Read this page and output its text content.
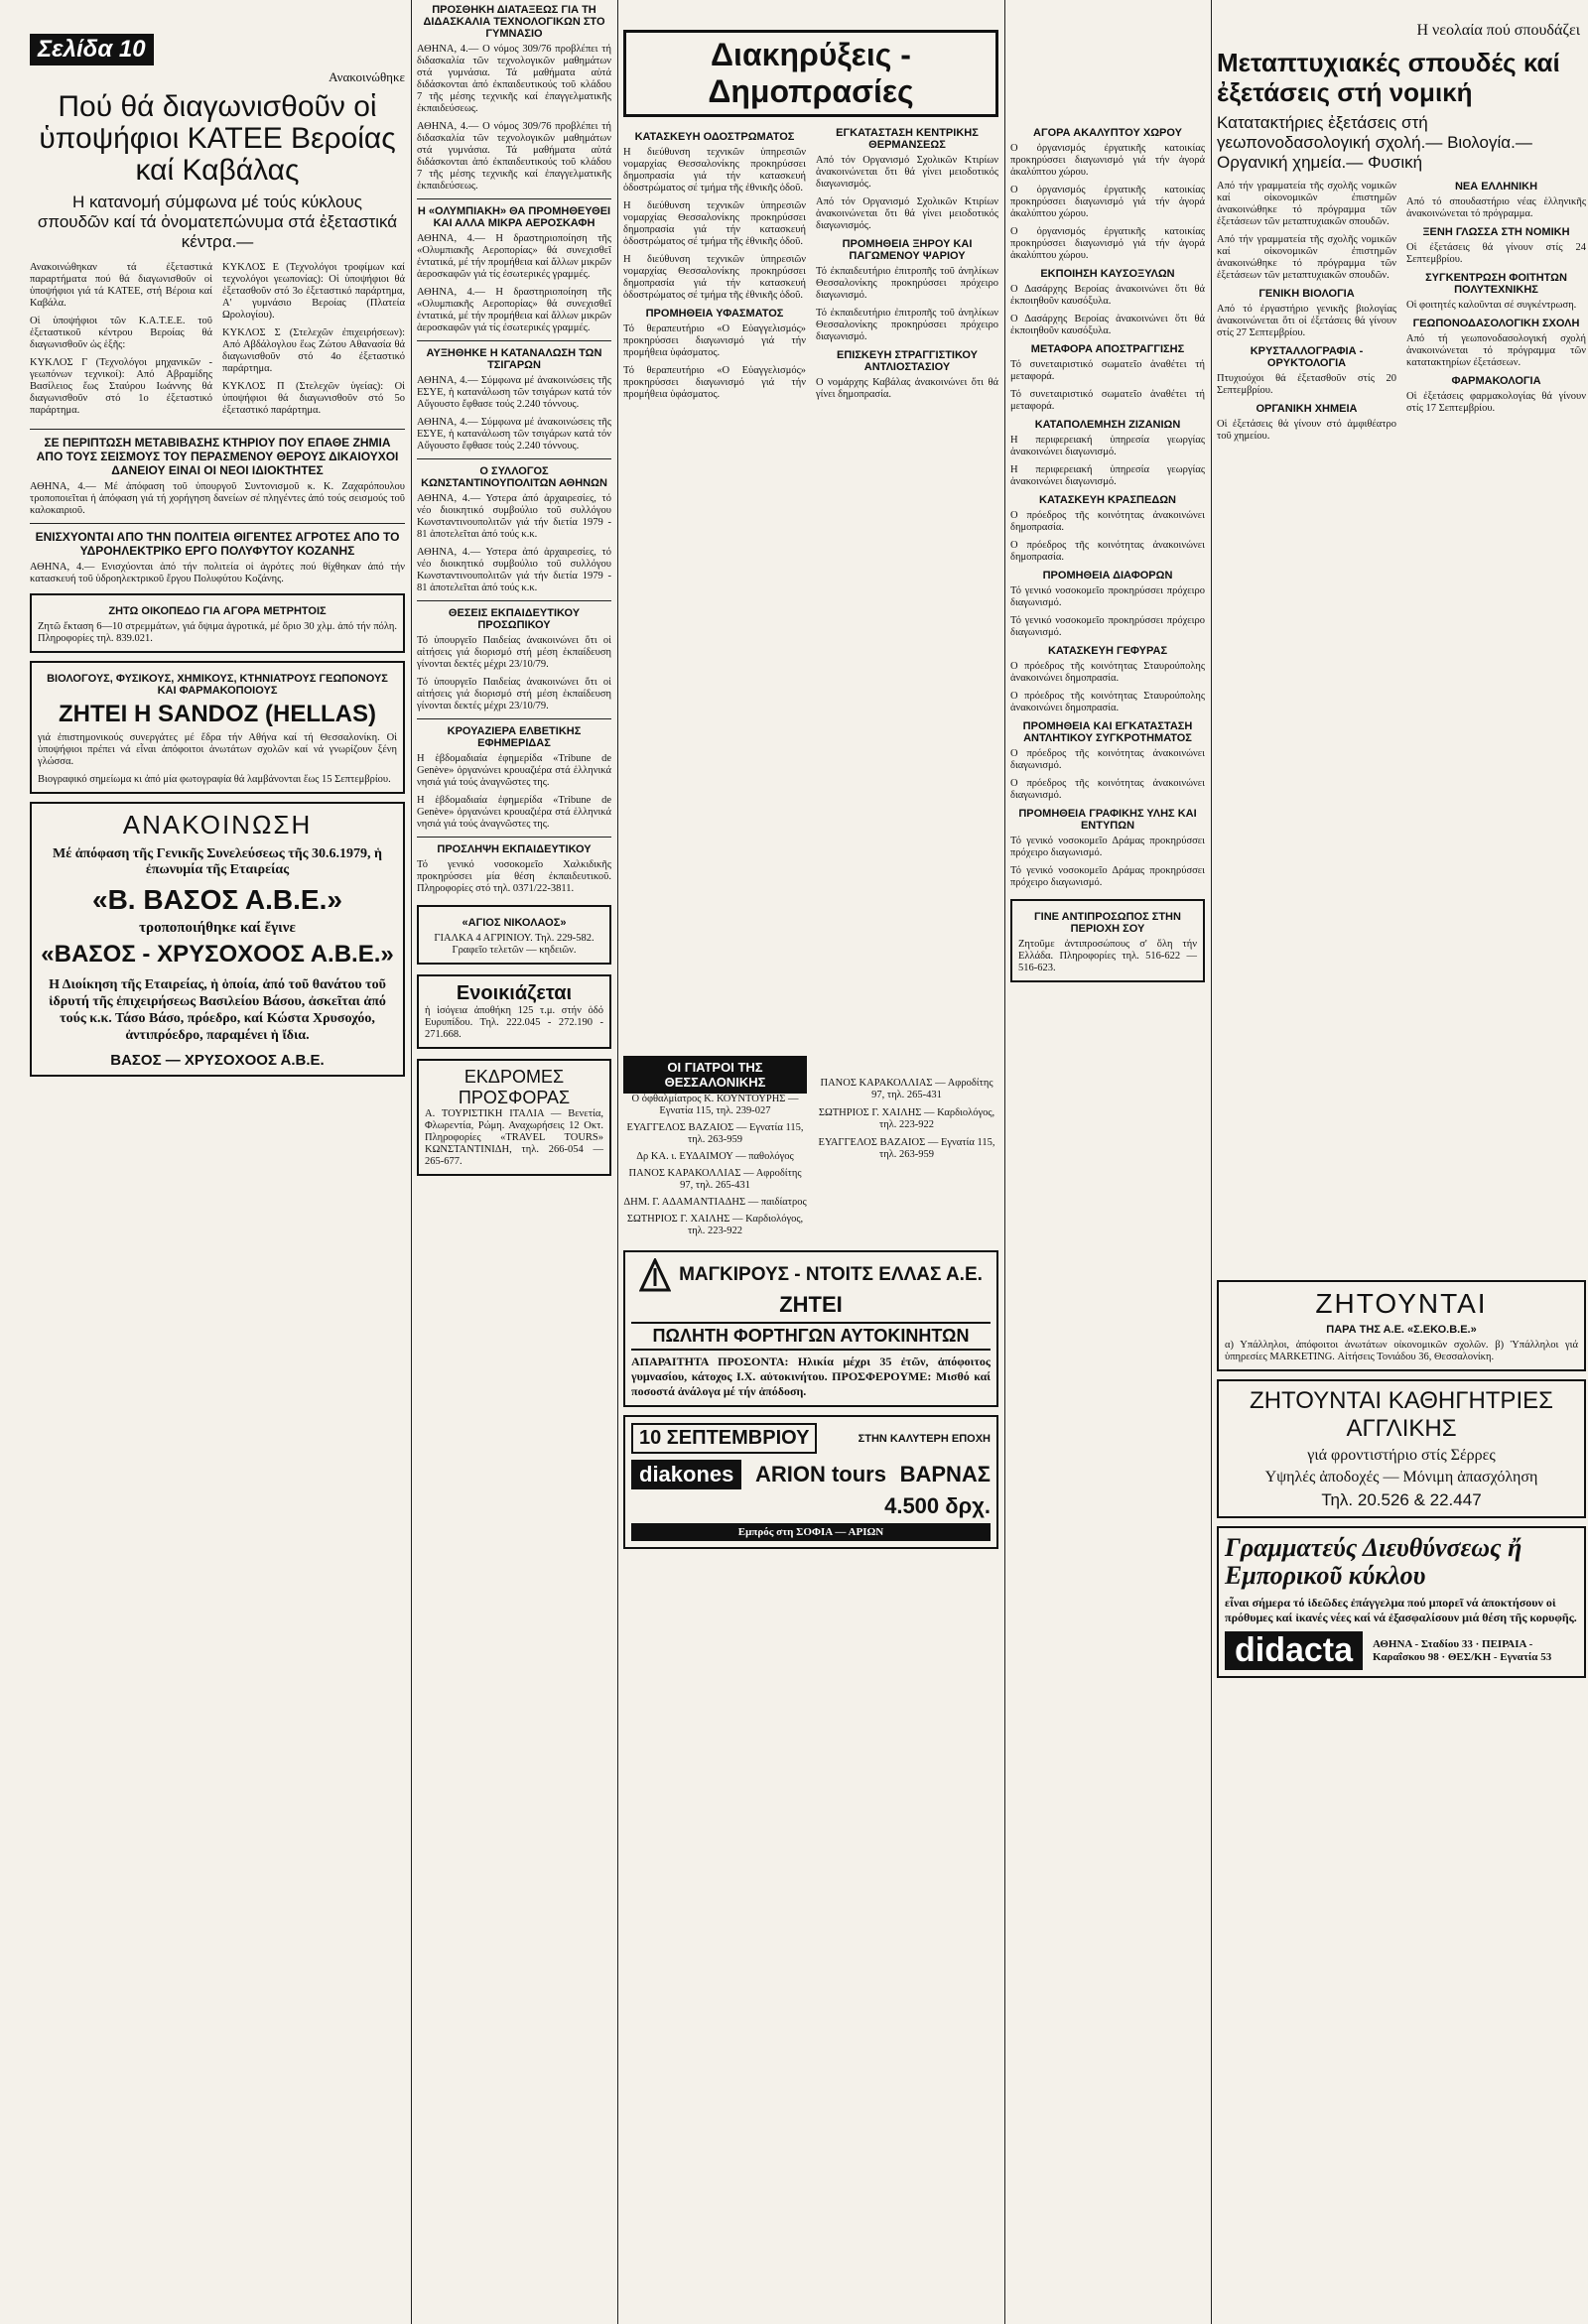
Σελίδα 10
Ανακοινώθηκε
Πού θά διαγωνισθοῦν οἱ ὑποψήφιοι ΚΑΤΕΕ Βεροίας καί Καβάλας
Η κατανομή σύμφωνα μέ τούς κύκλους σπουδῶν καί τά ὀνοματεπώνυμα στά ἐξεταστικά κέντρα.—

Ανακοινώθηκαν τά ἐξεταστικά παραρτήματα πού θά διαγωνισθοῦν οἱ ὑποψήφιοι γιά τά ΚΑΤΕΕ, στή Βέροια καί Καβάλα.

Οἱ ὑποψήφιοι τῶν Κ.Α.Τ.Ε.Ε. τοῦ ἐξεταστικοῦ κέντρου Βεροίας θά διαγωνισθοῦν ὡς ἑξῆς:

ΚΥΚΛΟΣ Γ (Τεχνολόγοι μηχανικῶν - γεωπόνων τεχνικοί): Από Αβραμίδης Βασίλειος ἕως Σταύρου Ιωάννης θά διαγωνισθοῦν στό 1ο ἐξεταστικό παράρτημα.

ΚΥΚΛΟΣ Ε (Τεχνολόγοι τροφίμων καί τεχνολόγοι γεωπονίας): Οἱ ὑποψήφιοι θά ἐξετασθοῦν στό 3ο ἐξεταστικό παράρτημα, Α' γυμνάσιο Βεροίας (Πλατεία Ωρολογίου).

ΚΥΚΛΟΣ Σ (Στελεχῶν ἐπιχειρήσεων): Από Αβδάλογλου ἕως Ζώτου Αθανασία θά διαγωνισθοῦν στό 4ο ἐξεταστικό παράρτημα.

ΚΥΚΛΟΣ Π (Στελεχῶν ὑγείας): Οἱ ὑποψήφιοι θά διαγωνισθοῦν στό 5ο ἐξεταστικό παράρτημα.

ΣΕ ΠΕΡΙΠΤΩΣΗ ΜΕΤΑΒΙΒΑΣΗΣ ΚΤΗΡΙΟΥ ΠΟΥ ΕΠΑΘΕ ΖΗΜΙΑ ΑΠΟ ΤΟΥΣ ΣΕΙΣΜΟΥΣ ΤΟΥ ΠΕΡΑΣΜΕΝΟΥ ΘΕΡΟΥΣ ΔΙΚΑΙΟΥΧΟΙ ΔΑΝΕΙΟΥ ΕΙΝΑΙ ΟΙ ΝΕΟΙ ΙΔΙΟΚΤΗΤΕΣ

ΑΘΗΝΑ, 4.— Μέ ἀπόφαση τοῦ ὑπουργοῦ Συντονισμοῦ κ. Κ. Ζαχαρόπουλου τροποποιεῖται ἡ ἀπόφαση γιά τή χορήγηση δανείων σέ πληγέντες ἀπό τούς σεισμούς τοῦ καλοκαιριοῦ.

ΕΝΙΣΧΥΟΝΤΑΙ ΑΠΟ ΤΗΝ ΠΟΛΙΤΕΙΑ ΘΙΓΕΝΤΕΣ ΑΓΡΟΤΕΣ ΑΠΟ ΤΟ ΥΔΡΟΗΛΕΚΤΡΙΚΟ ΕΡΓΟ ΠΟΛΥΦΥΤΟΥ ΚΟΖΑΝΗΣ

ΑΘΗΝΑ, 4.— Ενισχύονται ἀπό τήν πολιτεία οἱ ἀγρότες πού θίχθηκαν ἀπό τήν κατασκευή τοῦ ὑδροηλεκτρικοῦ ἔργου Πολυφύτου Κοζάνης.

ΖΗΤΩ ΟΙΚΟΠΕΔΟ ΓΙΑ ΑΓΟΡΑ ΜΕΤΡΗΤΟΙΣ

Ζητῶ ἔκταση 6—10 στρεμμάτων, γιά ὄψιμα ἀγροτικά, μέ ὅριο 30 χλμ. ἀπό τήν πόλη. Πληροφορίες τηλ. 839.021.

ΒΙΟΛΟΓΟΥΣ, ΦΥΣΙΚΟΥΣ, ΧΗΜΙΚΟΥΣ, ΚΤΗΝΙΑΤΡΟΥΣ ΓΕΩΠΟΝΟΥΣ ΚΑΙ ΦΑΡΜΑΚΟΠΟΙΟΥΣ
ΖΗΤΕΙ Η SANDOZ (HELLAS)

γιά ἐπιστημονικούς συνεργάτες μέ ἕδρα τήν Αθήνα καί τή Θεσσαλονίκη. Οἱ ὑποψήφιοι πρέπει νά εἶναι ἀπόφοιτοι ἀνωτάτων σχολῶν καί νά γνωρίζουν ξένη γλώσσα.

Βιογραφικό σημείωμα κι ἀπό μία φωτογραφία θά λαμβάνονται ἕως 15 Σεπτεμβρίου.

ΑΝΑΚΟΙΝΩΣΗ
Μέ ἀπόφαση τῆς Γενικῆς Συνελεύσεως τῆς 30.6.1979, ἡ ἐπωνυμία τῆς Εταιρείας
«Β. ΒΑΣΟΣ Α.Β.Ε.»
τροποποιήθηκε καί ἔγινε
«ΒΑΣΟΣ - ΧΡΥΣΟΧΟΟΣ Α.Β.Ε.»
Η Διοίκηση τῆς Εταιρείας, ἡ ὁποία, ἀπό τοῦ θανάτου τοῦ ἱδρυτή τῆς ἐπιχειρήσεως Βασιλείου Βάσου, ἀσκεῖται ἀπό τούς κ.κ. Τάσο Βάσο, πρόεδρο, καί Κώστα Χρυσοχόο, ἀντιπρόεδρο, παραμένει ἡ ἴδια.
ΒΑΣΟΣ — ΧΡΥΣΟΧΟΟΣ Α.Β.Ε.
ΠΡΟΣΘΗΚΗ ΔΙΑΤΑΞΕΩΣ ΓΙΑ ΤΗ ΔΙΔΑΣΚΑΛΙΑ ΤΕΧΝΟΛΟΓΙΚΩΝ ΣΤΟ ΓΥΜΝΑΣΙΟ

ΑΘΗΝΑ, 4.— Ο νόμος 309/76 προβλέπει τή διδασκαλία τῶν τεχνολογικῶν μαθημάτων στά γυμνάσια. Τά μαθήματα αὐτά διδάσκονται ἀπό ἐκπαιδευτικούς τοῦ κλάδου 7 τῆς μέσης τεχνικῆς καί ἐπαγγελματικῆς ἐκπαιδεύσεως.

ΑΘΗΝΑ, 4.— Ο νόμος 309/76 προβλέπει τή διδασκαλία τῶν τεχνολογικῶν μαθημάτων στά γυμνάσια. Τά μαθήματα αὐτά διδάσκονται ἀπό ἐκπαιδευτικούς τοῦ κλάδου 7 τῆς μέσης τεχνικῆς καί ἐπαγγελματικῆς ἐκπαιδεύσεως.

Η «ΟΛΥΜΠΙΑΚΗ» ΘΑ ΠΡΟΜΗΘΕΥΘΕΙ ΚΑΙ ΑΛΛΑ ΜΙΚΡΑ ΑΕΡΟΣΚΑΦΗ

ΑΘΗΝΑ, 4.— Η δραστηριοποίηση τῆς «Ολυμπιακῆς Αεροπορίας» θά συνεχισθεῖ ἐντατικά, μέ τήν προμήθεια καί ἄλλων μικρῶν ἀεροσκαφῶν γιά τίς ἐσωτερικές γραμμές.

ΑΘΗΝΑ, 4.— Η δραστηριοποίηση τῆς «Ολυμπιακῆς Αεροπορίας» θά συνεχισθεῖ ἐντατικά, μέ τήν προμήθεια καί ἄλλων μικρῶν ἀεροσκαφῶν γιά τίς ἐσωτερικές γραμμές.

ΑΥΞΗΘΗΚΕ Η ΚΑΤΑΝΑΛΩΣΗ ΤΩΝ ΤΣΙΓΑΡΩΝ

ΑΘΗΝΑ, 4.— Σύμφωνα μέ ἀνακοινώσεις τῆς ΕΣΥΕ, ἡ κατανάλωση τῶν τσιγάρων κατά τόν Αὔγουστο ἔφθασε τούς 2.240 τόννους.

ΑΘΗΝΑ, 4.— Σύμφωνα μέ ἀνακοινώσεις τῆς ΕΣΥΕ, ἡ κατανάλωση τῶν τσιγάρων κατά τόν Αὔγουστο ἔφθασε τούς 2.240 τόννους.

Ο ΣΥΛΛΟΓΟΣ ΚΩΝΣΤΑΝΤΙΝΟΥΠΟΛΙΤΩΝ ΑΘΗΝΩΝ

ΑΘΗΝΑ, 4.— Υστερα ἀπό ἀρχαιρεσίες, τό νέο διοικητικό συμβούλιο τοῦ συλλόγου Κωνσταντινουπολιτῶν γιά τήν διετία 1979 - 81 ἀποτελεῖται ἀπό τούς κ.κ.

ΑΘΗΝΑ, 4.— Υστερα ἀπό ἀρχαιρεσίες, τό νέο διοικητικό συμβούλιο τοῦ συλλόγου Κωνσταντινουπολιτῶν γιά τήν διετία 1979 - 81 ἀποτελεῖται ἀπό τούς κ.κ.

ΘΕΣΕΙΣ ΕΚΠΑΙΔΕΥΤΙΚΟΥ ΠΡΟΣΩΠΙΚΟΥ

Τό ὑπουργεῖο Παιδείας ἀνακοινώνει ὅτι οἱ αἰτήσεις γιά διορισμό στή μέση ἐκπαίδευση γίνονται δεκτές μέχρι 23/10/79.

Τό ὑπουργεῖο Παιδείας ἀνακοινώνει ὅτι οἱ αἰτήσεις γιά διορισμό στή μέση ἐκπαίδευση γίνονται δεκτές μέχρι 23/10/79.

ΚΡΟΥΑΖΙΕΡΑ ΕΛΒΕΤΙΚΗΣ ΕΦΗΜΕΡΙΔΑΣ

Η ἑβδομαδιαία ἐφημερίδα «Tribune de Genève» ὀργανώνει κρουαζιέρα στά ἑλληνικά νησιά γιά τούς ἀναγνῶστες της.

Η ἑβδομαδιαία ἐφημερίδα «Tribune de Genève» ὀργανώνει κρουαζιέρα στά ἑλληνικά νησιά γιά τούς ἀναγνῶστες της.

ΠΡΟΣΛΗΨΗ ΕΚΠΑΙΔΕΥΤΙΚΟΥ

Τό γενικό νοσοκομεῖο Χαλκιδικῆς προκηρύσσει μία θέση ἐκπαιδευτικοῦ. Πληροφορίες στό τηλ. 0371/22-3811.

«ΑΓΙΟΣ ΝΙΚΟΛΑΟΣ»

ΓΙΑΛΚΑ 4 ΑΓΡΙΝΙΟΥ. Τηλ. 229-582. Γραφεῖο τελετῶν — κηδειῶν.

Ενοικιάζεται

ἡ ἰσόγεια ἀποθήκη 125 τ.μ. στήν ὁδό Ευρυπίδου. Τηλ. 222.045 - 272.190 - 271.668.

ΕΚΔΡΟΜΕΣ ΠΡΟΣΦΟΡΑΣ

Α. ΤΟΥΡΙΣΤΙΚΗ ΙΤΑΛΙΑ — Βενετία, Φλωρεντία, Ρώμη. Αναχωρήσεις 12 Οκτ. Πληροφορίες «TRAVEL TOURS» ΚΩΝΣΤΑΝΤΙΝΙΔΗ, τηλ. 266-054 — 265-677.

Διακηρύξεις - Δημοπρασίες
ΚΑΤΑΣΚΕΥΗ ΟΔΟΣΤΡΩΜΑΤΟΣ

Η διεύθυνση τεχνικῶν ὑπηρεσιῶν νομαρχίας Θεσσαλονίκης προκηρύσσει δημοπρασία γιά τήν κατασκευή ὁδοστρώματος σέ τμήμα τῆς ἐθνικῆς ὁδοῦ.

Η διεύθυνση τεχνικῶν ὑπηρεσιῶν νομαρχίας Θεσσαλονίκης προκηρύσσει δημοπρασία γιά τήν κατασκευή ὁδοστρώματος σέ τμήμα τῆς ἐθνικῆς ὁδοῦ.

Η διεύθυνση τεχνικῶν ὑπηρεσιῶν νομαρχίας Θεσσαλονίκης προκηρύσσει δημοπρασία γιά τήν κατασκευή ὁδοστρώματος σέ τμήμα τῆς ἐθνικῆς ὁδοῦ.

ΠΡΟΜΗΘΕΙΑ ΥΦΑΣΜΑΤΟΣ

Τό θεραπευτήριο «Ο Εὐαγγελισμός» προκηρύσσει διαγωνισμό γιά τήν προμήθεια ὑφάσματος.

Τό θεραπευτήριο «Ο Εὐαγγελισμός» προκηρύσσει διαγωνισμό γιά τήν προμήθεια ὑφάσματος.

ΕΓΚΑΤΑΣΤΑΣΗ ΚΕΝΤΡΙΚΗΣ ΘΕΡΜΑΝΣΕΩΣ

Από τόν Οργανισμό Σχολικῶν Κτιρίων ἀνακοινώνεται ὅτι θά γίνει μειοδοτικός διαγωνισμός.

Από τόν Οργανισμό Σχολικῶν Κτιρίων ἀνακοινώνεται ὅτι θά γίνει μειοδοτικός διαγωνισμός.

ΠΡΟΜΗΘΕΙΑ ΞΗΡΟΥ ΚΑΙ ΠΑΓΩΜΕΝΟΥ ΨΑΡΙΟΥ

Τό ἐκπαιδευτήριο ἐπιτροπῆς τοῦ ἀνηλίκων Θεσσαλονίκης προκηρύσσει πρόχειρο διαγωνισμό.

Τό ἐκπαιδευτήριο ἐπιτροπῆς τοῦ ἀνηλίκων Θεσσαλονίκης προκηρύσσει πρόχειρο διαγωνισμό.

ΕΠΙΣΚΕΥΗ ΣΤΡΑΓΓΙΣΤΙΚΟΥ ΑΝΤΛΙΟΣΤΑΣΙΟΥ

Ο νομάρχης Καβάλας ἀνακοινώνει ὅτι θά γίνει δημοπρασία.

ΟΙ ΓΙΑΤΡΟΙ ΤΗΣ ΘΕΣΣΑΛΟΝΙΚΗΣ

Ο ὀφθαλμίατρος Κ. ΚΟΥΝΤΟΥΡΗΣ — Εγνατία 115, τηλ. 239-027

ΕΥΑΓΓΕΛΟΣ ΒΑΖΑΙΟΣ — Εγνατία 115, τηλ. 263-959

Δρ ΚΑ. ι. ΕΥΔΑΙΜΟΥ — παθολόγος

ΠΑΝΟΣ ΚΑΡΑΚΟΛΛΙΑΣ — Αφροδίτης 97, τηλ. 265-431

ΔΗΜ. Γ. ΑΔΑΜΑΝΤΙΑΔΗΣ — παιδίατρος

ΣΩΤΗΡΙΟΣ Γ. ΧΑΙΛΗΣ — Καρδιολόγος, τηλ. 223-922

ΠΑΝΟΣ ΚΑΡΑΚΟΛΛΙΑΣ — Αφροδίτης 97, τηλ. 265-431

ΣΩΤΗΡΙΟΣ Γ. ΧΑΙΛΗΣ — Καρδιολόγος, τηλ. 223-922

ΕΥΑΓΓΕΛΟΣ ΒΑΖΑΙΟΣ — Εγνατία 115, τηλ. 263-959

ΜΑΓΚΙΡΟΥΣ - ΝΤΟΙΤΣ ΕΛΛΑΣ Α.Ε.
ΖΗΤΕΙ
ΠΩΛΗΤΗ ΦΟΡΤΗΓΩΝ ΑΥΤΟΚΙΝΗΤΩΝ

ΑΠΑΡΑΙΤΗΤΑ ΠΡΟΣΟΝΤΑ: Ηλικία μέχρι 35 ἐτῶν, ἀπόφοιτος γυμνασίου, κάτοχος Ι.Χ. αὐτοκινήτου. ΠΡΟΣΦΕΡΟΥΜΕ: Μισθό καί ποσοστά ἀνάλογα μέ τήν ἀπόδοση.

10 ΣΕΠΤΕΜΒΡΙΟΥ	ΣΤΗΝ ΚΑΛΥΤΕΡΗ ΕΠΟΧΗ
diakones ARION tours ΒΑΡΝΑΣ
4.500 δρχ.
Εμπρός στη ΣΟΦΙΑ — ΑΡΙΩΝ
ΑΓΟΡΑ ΑΚΑΛΥΠΤΟΥ ΧΩΡΟΥ

Ο ὀργανισμός ἐργατικῆς κατοικίας προκηρύσσει διαγωνισμό γιά τήν ἀγορά ἀκαλύπτου χώρου.

Ο ὀργανισμός ἐργατικῆς κατοικίας προκηρύσσει διαγωνισμό γιά τήν ἀγορά ἀκαλύπτου χώρου.

Ο ὀργανισμός ἐργατικῆς κατοικίας προκηρύσσει διαγωνισμό γιά τήν ἀγορά ἀκαλύπτου χώρου.

ΕΚΠΟΙΗΣΗ ΚΑΥΣΟΞΥΛΩΝ

Ο Δασάρχης Βεροίας ἀνακοινώνει ὅτι θά ἐκποιηθοῦν καυσόξυλα.

Ο Δασάρχης Βεροίας ἀνακοινώνει ὅτι θά ἐκποιηθοῦν καυσόξυλα.

ΜΕΤΑΦΟΡΑ ΑΠΟΣΤΡΑΓΓΙΣΗΣ

Τό συνεταιριστικό σωματεῖο ἀναθέτει τή μεταφορά.

Τό συνεταιριστικό σωματεῖο ἀναθέτει τή μεταφορά.

ΚΑΤΑΠΟΛΕΜΗΣΗ ΖΙΖΑΝΙΩΝ

Η περιφερειακή ὑπηρεσία γεωργίας ἀνακοινώνει διαγωνισμό.

Η περιφερειακή ὑπηρεσία γεωργίας ἀνακοινώνει διαγωνισμό.

ΚΑΤΑΣΚΕΥΗ ΚΡΑΣΠΕΔΩΝ

Ο πρόεδρος τῆς κοινότητας ἀνακοινώνει δημοπρασία.

Ο πρόεδρος τῆς κοινότητας ἀνακοινώνει δημοπρασία.

ΠΡΟΜΗΘΕΙΑ ΔΙΑΦΟΡΩΝ

Τό γενικό νοσοκομεῖο προκηρύσσει πρόχειρο διαγωνισμό.

Τό γενικό νοσοκομεῖο προκηρύσσει πρόχειρο διαγωνισμό.

ΚΑΤΑΣΚΕΥΗ ΓΕΦΥΡΑΣ

Ο πρόεδρος τῆς κοινότητας Σταυρούπολης ἀνακοινώνει δημοπρασία.

Ο πρόεδρος τῆς κοινότητας Σταυρούπολης ἀνακοινώνει δημοπρασία.

ΠΡΟΜΗΘΕΙΑ ΚΑΙ ΕΓΚΑΤΑΣΤΑΣΗ ΑΝΤΛΗΤΙΚΟΥ ΣΥΓΚΡΟΤΗΜΑΤΟΣ

Ο πρόεδρος τῆς κοινότητας ἀνακοινώνει διαγωνισμό.

Ο πρόεδρος τῆς κοινότητας ἀνακοινώνει διαγωνισμό.

ΠΡΟΜΗΘΕΙΑ ΓΡΑΦΙΚΗΣ ΥΛΗΣ ΚΑΙ ΕΝΤΥΠΩΝ

Τό γενικό νοσοκομεῖο Δράμας προκηρύσσει πρόχειρο διαγωνισμό.

Τό γενικό νοσοκομεῖο Δράμας προκηρύσσει πρόχειρο διαγωνισμό.

ΓΙΝΕ ΑΝΤΙΠΡΟΣΩΠΟΣ ΣΤΗΝ ΠΕΡΙΟΧΗ ΣΟΥ

Ζητοῦμε ἀντιπροσώπους σ' ὅλη τήν Ελλάδα. Πληροφορίες τηλ. 516-622 — 516-623.

Η νεολαία πού σπουδάζει
Μεταπτυχιακές σπουδές καί ἐξετάσεις στή νομική
Κατατακτήριες ἐξετάσεις στή γεωπονοδασολογική σχολή.— Βιολογία.— Οργανική χημεία.— Φυσική

Από τήν γραμματεία τῆς σχολῆς νομικῶν καί οἰκονομικῶν ἐπιστημῶν ἀνακοινώθηκε τό πρόγραμμα τῶν ἐξετάσεων τῶν μεταπτυχιακῶν σπουδῶν.

Από τήν γραμματεία τῆς σχολῆς νομικῶν καί οἰκονομικῶν ἐπιστημῶν ἀνακοινώθηκε τό πρόγραμμα τῶν ἐξετάσεων τῶν μεταπτυχιακῶν σπουδῶν.

ΓΕΝΙΚΗ ΒΙΟΛΟΓΙΑ

Από τό ἐργαστήριο γενικῆς βιολογίας ἀνακοινώνεται ὅτι οἱ ἐξετάσεις θά γίνουν στίς 27 Σεπτεμβρίου.

ΚΡΥΣΤΑΛΛΟΓΡΑΦΙΑ - ΟΡΥΚΤΟΛΟΓΙΑ

Πτυχιούχοι θά ἐξετασθοῦν στίς 20 Σεπτεμβρίου.

ΟΡΓΑΝΙΚΗ ΧΗΜΕΙΑ

Οἱ ἐξετάσεις θά γίνουν στό ἀμφιθέατρο τοῦ χημείου.

ΝΕΑ ΕΛΛΗΝΙΚΗ

Από τό σπουδαστήριο νέας ἑλληνικῆς ἀνακοινώνεται τό πρόγραμμα.

ΞΕΝΗ ΓΛΩΣΣΑ ΣΤΗ ΝΟΜΙΚΗ

Οἱ ἐξετάσεις θά γίνουν στίς 24 Σεπτεμβρίου.

ΣΥΓΚΕΝΤΡΩΣΗ ΦΟΙΤΗΤΩΝ ΠΟΛΥΤΕΧΝΙΚΗΣ

Οἱ φοιτητές καλοῦνται σέ συγκέντρωση.

ΓΕΩΠΟΝΟΔΑΣΟΛΟΓΙΚΗ ΣΧΟΛΗ

Από τή γεωπονοδασολογική σχολή ἀνακοινώνεται τό πρόγραμμα τῶν κατατακτηρίων ἐξετάσεων.

ΦΑΡΜΑΚΟΛΟΓΙΑ

Οἱ ἐξετάσεις φαρμακολογίας θά γίνουν στίς 17 Σεπτεμβρίου.

ΖΗΤΟΥΝΤΑΙ
ΠΑΡΑ ΤΗΣ Α.Ε. «Σ.ΕΚΟ.Β.Ε.»

α) Υπάλληλοι, ἀπόφοιτοι ἀνωτάτων οἰκονομικῶν σχολῶν. β) Ὑπάλληλοι γιά ὑπηρεσίες MARKETING. Αἰτήσεις Τονιάδου 36, Θεσσαλονίκη.

ΖΗΤΟΥΝΤΑΙ ΚΑΘΗΓΗΤΡΙΕΣ ΑΓΓΛΙΚΗΣ
γιά φροντιστήριο στίς Σέρρες
Υψηλές ἀποδοχές — Μόνιμη ἀπασχόληση
Τηλ. 20.526 & 22.447
Γραμματεύς Διευθύνσεως ἤ Εμπορικοῦ κύκλου

εἶναι σήμερα τό ἰδεῶδες ἐπάγγελμα πού μπορεῖ νά ἀποκτήσουν οἱ πρόθυμες καί ἱκανές νέες καί νά ἐξασφαλίσουν μιά θέση τῆς κορυφῆς.

didacta	ΑΘΗΝΑ - Σταδίου 33 · ΠΕΙΡΑΙΑ - Καραΐσκου 98 · ΘΕΣ/ΚΗ - Εγνατία 53
